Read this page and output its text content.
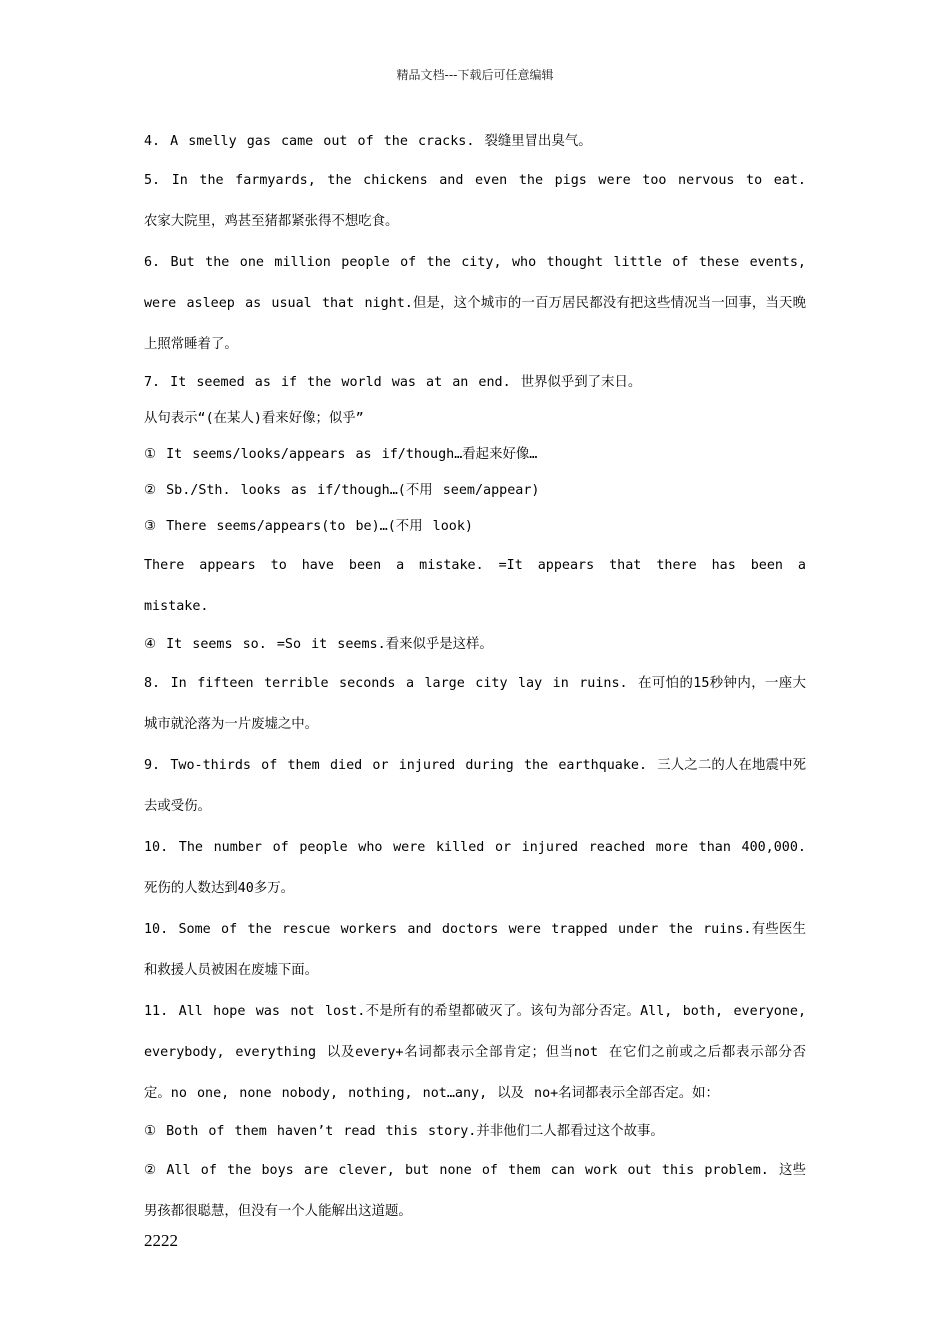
精品文档---下载后可任意编辑
4. A smelly gas came out of the cracks. 裂缝里冒出臭气。
5. In the farmyards, the chickens and even the pigs were too nervous to eat. 农家大院里，鸡甚至猪都紧张得不想吃食。
6. But the one million people of the city, who thought little of these events, were asleep as usual that night.但是，这个城市的一百万居民都没有把这些情况当一回事，当天晚上照常睡着了。
7. It seemed as if the world was at an end. 世界似乎到了末日。
从句表示“(在某人)看来好像；似乎”
① It seems/looks/appears as if/though…看起来好像…
② Sb./Sth. looks as if/though…(不用 seem/appear)
③ There seems/appears(to be)…(不用 look)
There appears to have been a mistake. =It appears that there has been a mistake.
④ It seems so. =So it seems.看来似乎是这样。
8. In fifteen terrible seconds a large city lay in ruins. 在可怕的15秒钟内，一座大城市就沦落为一片废墟之中。
9. Two-thirds of them died or injured during the earthquake. 三人之二的人在地震中死去或受伤。
10. The number of people who were killed or injured reached more than 400,000. 死伤的人数达到40多万。
10. Some of the rescue workers and doctors were trapped under the ruins.有些医生和救援人员被困在废墟下面。
11. All hope was not lost.不是所有的希望都破灭了。该句为部分否定。All, both, everyone, everybody, everything 以及every+名词都表示全部肯定；但当not 在它们之前或之后都表示部分否定。no one, none nobody, nothing, not…any, 以及 no+名词都表示全部否定。如：
① Both of them haven’t read this story.并非他们二人都看过这个故事。
② All of the boys are clever, but none of them can work out this problem. 这些男孩都很聪慧，但没有一个人能解出这道题。
2222
